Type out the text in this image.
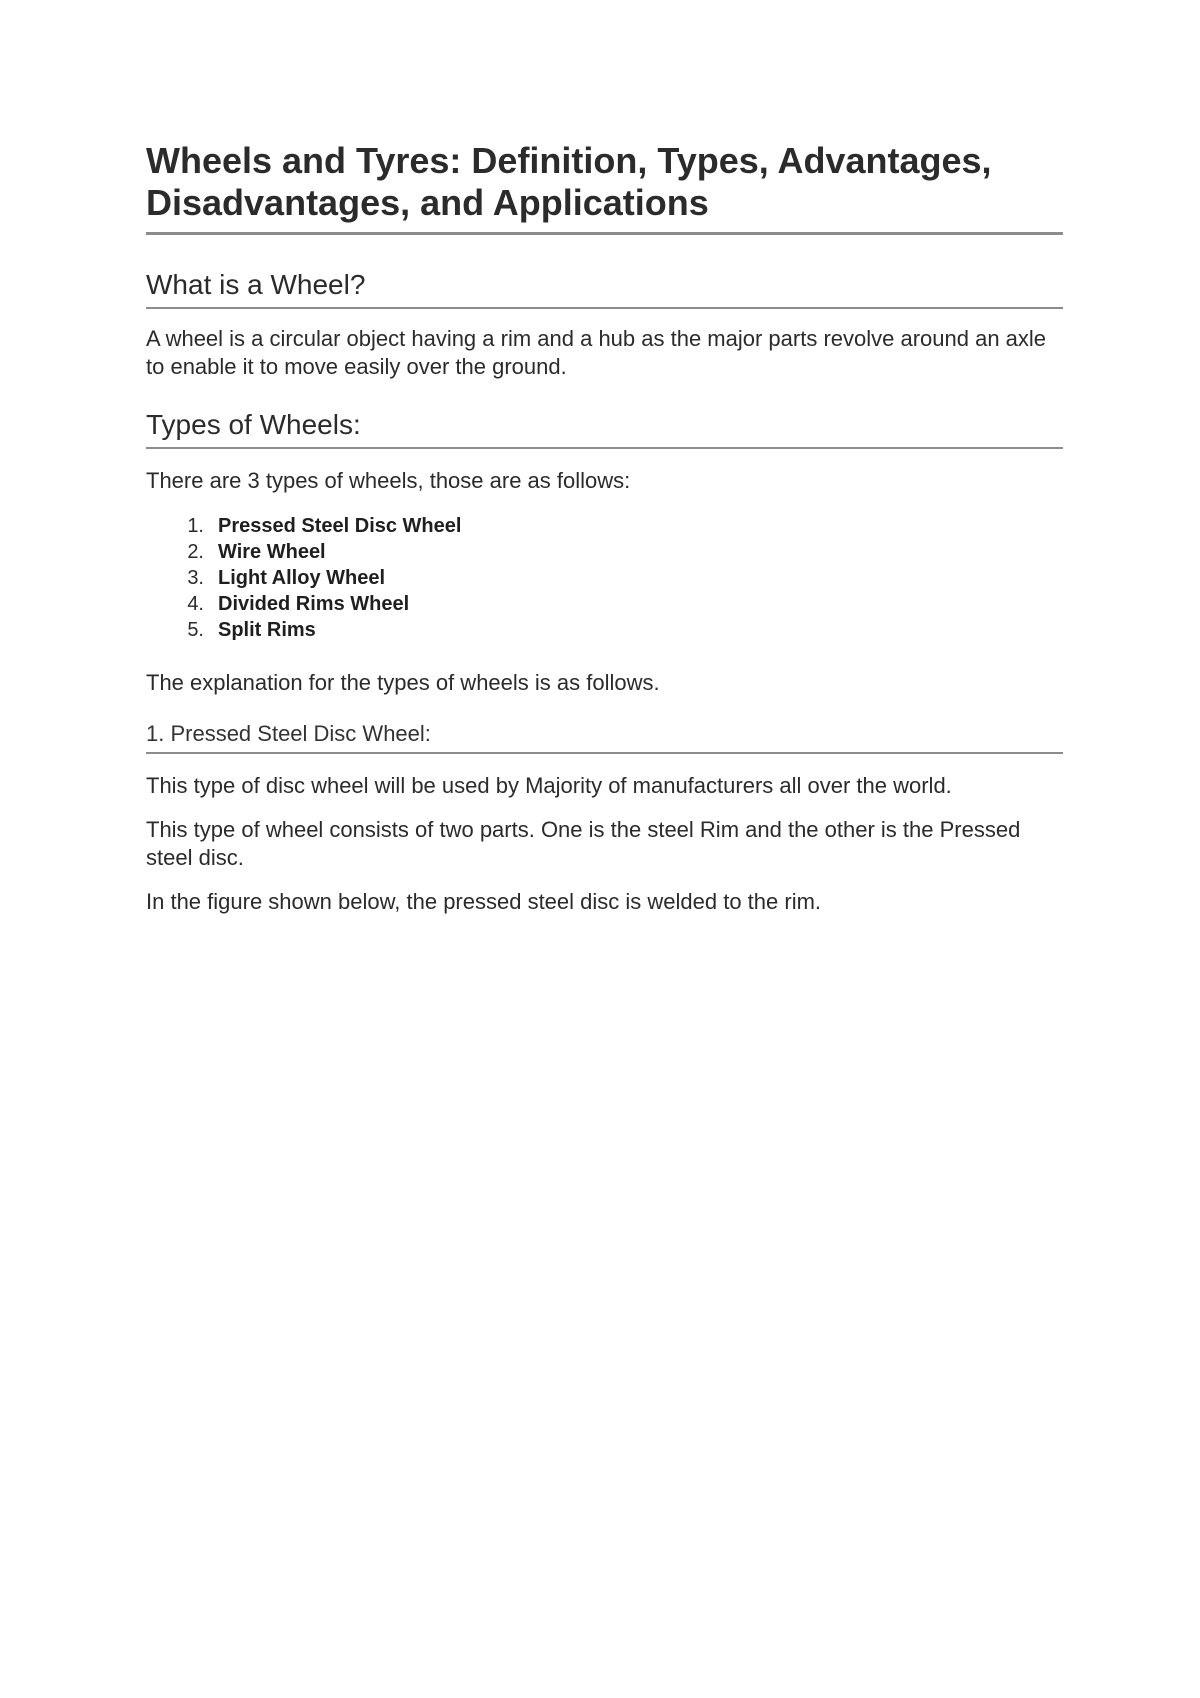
Wheels and Tyres: Definition, Types, Advantages, Disadvantages, and Applications
What is a Wheel?

A wheel is a circular object having a rim and a hub as the major parts revolve around an axle to enable it to move easily over the ground.

Types of Wheels:

There are 3 types of wheels, those are as follows:

1. Pressed Steel Disc Wheel
2. Wire Wheel
3. Light Alloy Wheel
4. Divided Rims Wheel
5. Split Rims

The explanation for the types of wheels is as follows.

1. Pressed Steel Disc Wheel:

This type of disc wheel will be used by Majority of manufacturers all over the world.

This type of wheel consists of two parts. One is the steel Rim and the other is the Pressed steel disc.

In the figure shown below, the pressed steel disc is welded to the rim.
